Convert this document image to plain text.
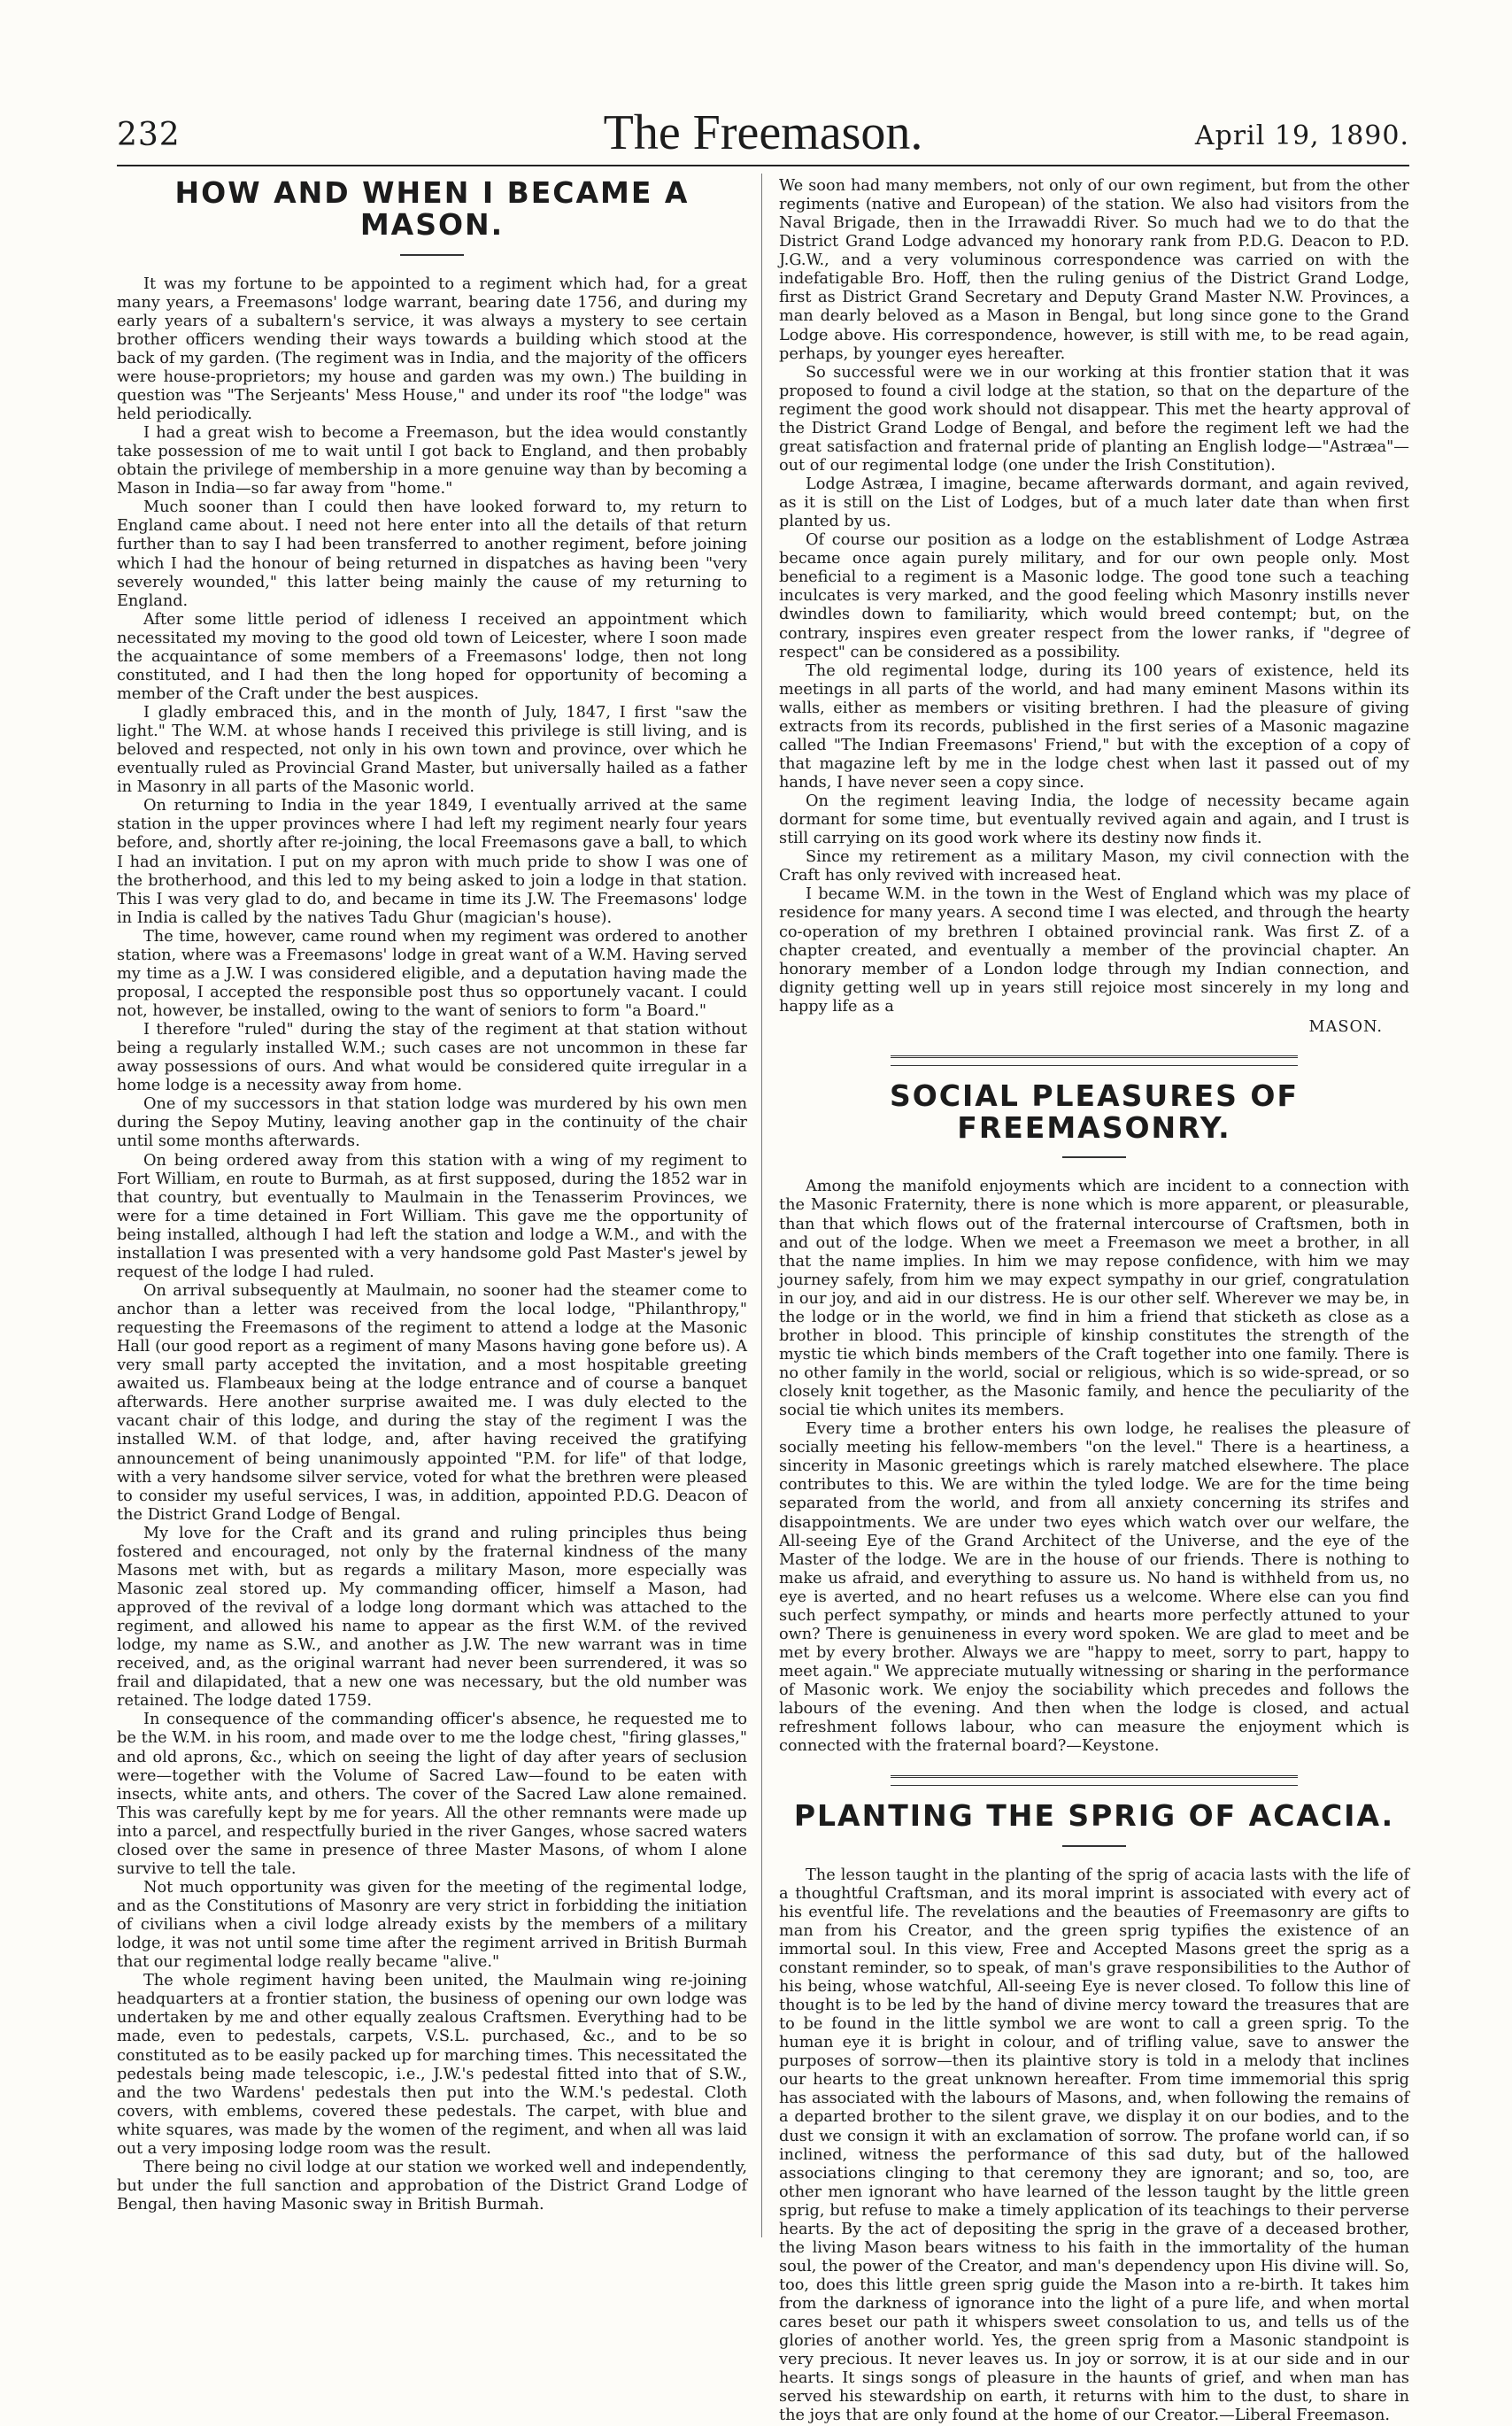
232	The Freemason.	April 19, 1890.
HOW AND WHEN I BECAME A MASON.

It was my fortune to be appointed to a regiment which had, for a great many years, a Freemasons' lodge warrant, bearing date 1756, and during my early years of a subaltern's service, it was always a mystery to see certain brother officers wending their ways towards a building which stood at the back of my garden. (The regiment was in India, and the majority of the officers were house-proprietors; my house and garden was my own.) The building in question was "The Serjeants' Mess House," and under its roof "the lodge" was held periodically.

I had a great wish to become a Freemason, but the idea would constantly take possession of me to wait until I got back to England, and then probably obtain the privilege of membership in a more genuine way than by becoming a Mason in India—so far away from "home."

Much sooner than I could then have looked forward to, my return to England came about. I need not here enter into all the details of that return further than to say I had been transferred to another regiment, before joining which I had the honour of being returned in dispatches as having been "very severely wounded," this latter being mainly the cause of my returning to England.

After some little period of idleness I received an appointment which necessitated my moving to the good old town of Leicester, where I soon made the acquaintance of some members of a Freemasons' lodge, then not long constituted, and I had then the long hoped for opportunity of becoming a member of the Craft under the best auspices.

I gladly embraced this, and in the month of July, 1847, I first "saw the light." The W.M. at whose hands I received this privilege is still living, and is beloved and respected, not only in his own town and province, over which he eventually ruled as Provincial Grand Master, but universally hailed as a father in Masonry in all parts of the Masonic world.

On returning to India in the year 1849, I eventually arrived at the same station in the upper provinces where I had left my regiment nearly four years before, and, shortly after re-joining, the local Freemasons gave a ball, to which I had an invitation. I put on my apron with much pride to show I was one of the brotherhood, and this led to my being asked to join a lodge in that station. This I was very glad to do, and became in time its J.W. The Freemasons' lodge in India is called by the natives Tadu Ghur (magician's house).

The time, however, came round when my regiment was ordered to another station, where was a Freemasons' lodge in great want of a W.M. Having served my time as a J.W. I was considered eligible, and a deputation having made the proposal, I accepted the responsible post thus so opportunely vacant. I could not, however, be installed, owing to the want of seniors to form "a Board."

I therefore "ruled" during the stay of the regiment at that station without being a regularly installed W.M.; such cases are not uncommon in these far away possessions of ours. And what would be considered quite irregular in a home lodge is a necessity away from home.

One of my successors in that station lodge was murdered by his own men during the Sepoy Mutiny, leaving another gap in the continuity of the chair until some months afterwards.

On being ordered away from this station with a wing of my regiment to Fort William, en route to Burmah, as at first supposed, during the 1852 war in that country, but eventually to Maulmain in the Tenasserim Provinces, we were for a time detained in Fort William. This gave me the opportunity of being installed, although I had left the station and lodge a W.M., and with the installation I was presented with a very handsome gold Past Master's jewel by request of the lodge I had ruled.

On arrival subsequently at Maulmain, no sooner had the steamer come to anchor than a letter was received from the local lodge, "Philanthropy," requesting the Freemasons of the regiment to attend a lodge at the Masonic Hall (our good report as a regiment of many Masons having gone before us). A very small party accepted the invitation, and a most hospitable greeting awaited us. Flambeaux being at the lodge entrance and of course a banquet afterwards. Here another surprise awaited me. I was duly elected to the vacant chair of this lodge, and during the stay of the regiment I was the installed W.M. of that lodge, and, after having received the gratifying announcement of being unanimously appointed "P.M. for life" of that lodge, with a very handsome silver service, voted for what the brethren were pleased to consider my useful services, I was, in addition, appointed P.D.G. Deacon of the District Grand Lodge of Bengal.

My love for the Craft and its grand and ruling principles thus being fostered and encouraged, not only by the fraternal kindness of the many Masons met with, but as regards a military Mason, more especially was Masonic zeal stored up. My commanding officer, himself a Mason, had approved of the revival of a lodge long dormant which was attached to the regiment, and allowed his name to appear as the first W.M. of the revived lodge, my name as S.W., and another as J.W. The new warrant was in time received, and, as the original warrant had never been surrendered, it was so frail and dilapidated, that a new one was necessary, but the old number was retained. The lodge dated 1759.

In consequence of the commanding officer's absence, he requested me to be the W.M. in his room, and made over to me the lodge chest, "firing glasses," and old aprons, &c., which on seeing the light of day after years of seclusion were—together with the Volume of Sacred Law—found to be eaten with insects, white ants, and others. The cover of the Sacred Law alone remained. This was carefully kept by me for years. All the other remnants were made up into a parcel, and respectfully buried in the river Ganges, whose sacred waters closed over the same in presence of three Master Masons, of whom I alone survive to tell the tale.

Not much opportunity was given for the meeting of the regimental lodge, and as the Constitutions of Masonry are very strict in forbidding the initiation of civilians when a civil lodge already exists by the members of a military lodge, it was not until some time after the regiment arrived in British Burmah that our regimental lodge really became "alive."

The whole regiment having been united, the Maulmain wing re-joining headquarters at a frontier station, the business of opening our own lodge was undertaken by me and other equally zealous Craftsmen. Everything had to be made, even to pedestals, carpets, V.S.L. purchased, &c., and to be so constituted as to be easily packed up for marching times. This necessitated the pedestals being made telescopic, i.e., J.W.'s pedestal fitted into that of S.W., and the two Wardens' pedestals then put into the W.M.'s pedestal. Cloth covers, with emblems, covered these pedestals. The carpet, with blue and white squares, was made by the women of the regiment, and when all was laid out a very imposing lodge room was the result.

There being no civil lodge at our station we worked well and independently, but under the full sanction and approbation of the District Grand Lodge of Bengal, then having Masonic sway in British Burmah.

We soon had many members, not only of our own regiment, but from the other regiments (native and European) of the station. We also had visitors from the Naval Brigade, then in the Irrawaddi River. So much had we to do that the District Grand Lodge advanced my honorary rank from P.D.G. Deacon to P.D. J.G.W., and a very voluminous correspondence was carried on with the indefatigable Bro. Hoff, then the ruling genius of the District Grand Lodge, first as District Grand Secretary and Deputy Grand Master N.W. Provinces, a man dearly beloved as a Mason in Bengal, but long since gone to the Grand Lodge above. His correspondence, however, is still with me, to be read again, perhaps, by younger eyes hereafter.

So successful were we in our working at this frontier station that it was proposed to found a civil lodge at the station, so that on the departure of the regiment the good work should not disappear. This met the hearty approval of the District Grand Lodge of Bengal, and before the regiment left we had the great satisfaction and fraternal pride of planting an English lodge—"Astræa"—out of our regimental lodge (one under the Irish Constitution).

Lodge Astræa, I imagine, became afterwards dormant, and again revived, as it is still on the List of Lodges, but of a much later date than when first planted by us.

Of course our position as a lodge on the establishment of Lodge Astræa became once again purely military, and for our own people only. Most beneficial to a regiment is a Masonic lodge. The good tone such a teaching inculcates is very marked, and the good feeling which Masonry instills never dwindles down to familiarity, which would breed contempt; but, on the contrary, inspires even greater respect from the lower ranks, if "degree of respect" can be considered as a possibility.

The old regimental lodge, during its 100 years of existence, held its meetings in all parts of the world, and had many eminent Masons within its walls, either as members or visiting brethren. I had the pleasure of giving extracts from its records, published in the first series of a Masonic magazine called "The Indian Freemasons' Friend," but with the exception of a copy of that magazine left by me in the lodge chest when last it passed out of my hands, I have never seen a copy since.

On the regiment leaving India, the lodge of necessity became again dormant for some time, but eventually revived again and again, and I trust is still carrying on its good work where its destiny now finds it.

Since my retirement as a military Mason, my civil connection with the Craft has only revived with increased heat.

I became W.M. in the town in the West of England which was my place of residence for many years. A second time I was elected, and through the hearty co-operation of my brethren I obtained provincial rank. Was first Z. of a chapter created, and eventually a member of the provincial chapter. An honorary member of a London lodge through my Indian connection, and dignity getting well up in years still rejoice most sincerely in my long and happy life as a

MASON.
SOCIAL PLEASURES OF FREEMASONRY.

Among the manifold enjoyments which are incident to a connection with the Masonic Fraternity, there is none which is more apparent, or pleasurable, than that which flows out of the fraternal intercourse of Craftsmen, both in and out of the lodge. When we meet a Freemason we meet a brother, in all that the name implies. In him we may repose confidence, with him we may journey safely, from him we may expect sympathy in our grief, congratulation in our joy, and aid in our distress. He is our other self. Wherever we may be, in the lodge or in the world, we find in him a friend that sticketh as close as a brother in blood. This principle of kinship constitutes the strength of the mystic tie which binds members of the Craft together into one family. There is no other family in the world, social or religious, which is so wide-spread, or so closely knit together, as the Masonic family, and hence the peculiarity of the social tie which unites its members.

Every time a brother enters his own lodge, he realises the pleasure of socially meeting his fellow-members "on the level." There is a heartiness, a sincerity in Masonic greetings which is rarely matched elsewhere. The place contributes to this. We are within the tyled lodge. We are for the time being separated from the world, and from all anxiety concerning its strifes and disappointments. We are under two eyes which watch over our welfare, the All-seeing Eye of the Grand Architect of the Universe, and the eye of the Master of the lodge. We are in the house of our friends. There is nothing to make us afraid, and everything to assure us. No hand is withheld from us, no eye is averted, and no heart refuses us a welcome. Where else can you find such perfect sympathy, or minds and hearts more perfectly attuned to your own? There is genuineness in every word spoken. We are glad to meet and be met by every brother. Always we are "happy to meet, sorry to part, happy to meet again." We appreciate mutually witnessing or sharing in the performance of Masonic work. We enjoy the sociability which precedes and follows the labours of the evening. And then when the lodge is closed, and actual refreshment follows labour, who can measure the enjoyment which is connected with the fraternal board?—Keystone.

PLANTING THE SPRIG OF ACACIA.

The lesson taught in the planting of the sprig of acacia lasts with the life of a thoughtful Craftsman, and its moral imprint is associated with every act of his eventful life. The revelations and the beauties of Freemasonry are gifts to man from his Creator, and the green sprig typifies the existence of an immortal soul. In this view, Free and Accepted Masons greet the sprig as a constant reminder, so to speak, of man's grave responsibilities to the Author of his being, whose watchful, All-seeing Eye is never closed. To follow this line of thought is to be led by the hand of divine mercy toward the treasures that are to be found in the little symbol we are wont to call a green sprig. To the human eye it is bright in colour, and of trifling value, save to answer the purposes of sorrow—then its plaintive story is told in a melody that inclines our hearts to the great unknown hereafter. From time immemorial this sprig has associated with the labours of Masons, and, when following the remains of a departed brother to the silent grave, we display it on our bodies, and to the dust we consign it with an exclamation of sorrow. The profane world can, if so inclined, witness the performance of this sad duty, but of the hallowed associations clinging to that ceremony they are ignorant; and so, too, are other men ignorant who have learned of the lesson taught by the little green sprig, but refuse to make a timely application of its teachings to their perverse hearts. By the act of depositing the sprig in the grave of a deceased brother, the living Mason bears witness to his faith in the immortality of the human soul, the power of the Creator, and man's dependency upon His divine will. So, too, does this little green sprig guide the Mason into a re-birth. It takes him from the darkness of ignorance into the light of a pure life, and when mortal cares beset our path it whispers sweet consolation to us, and tells us of the glories of another world. Yes, the green sprig from a Masonic standpoint is very precious. It never leaves us. In joy or sorrow, it is at our side and in our hearts. It sings songs of pleasure in the haunts of grief, and when man has served his stewardship on earth, it returns with him to the dust, to share in the joys that are only found at the home of our Creator.—Liberal Freemason.
